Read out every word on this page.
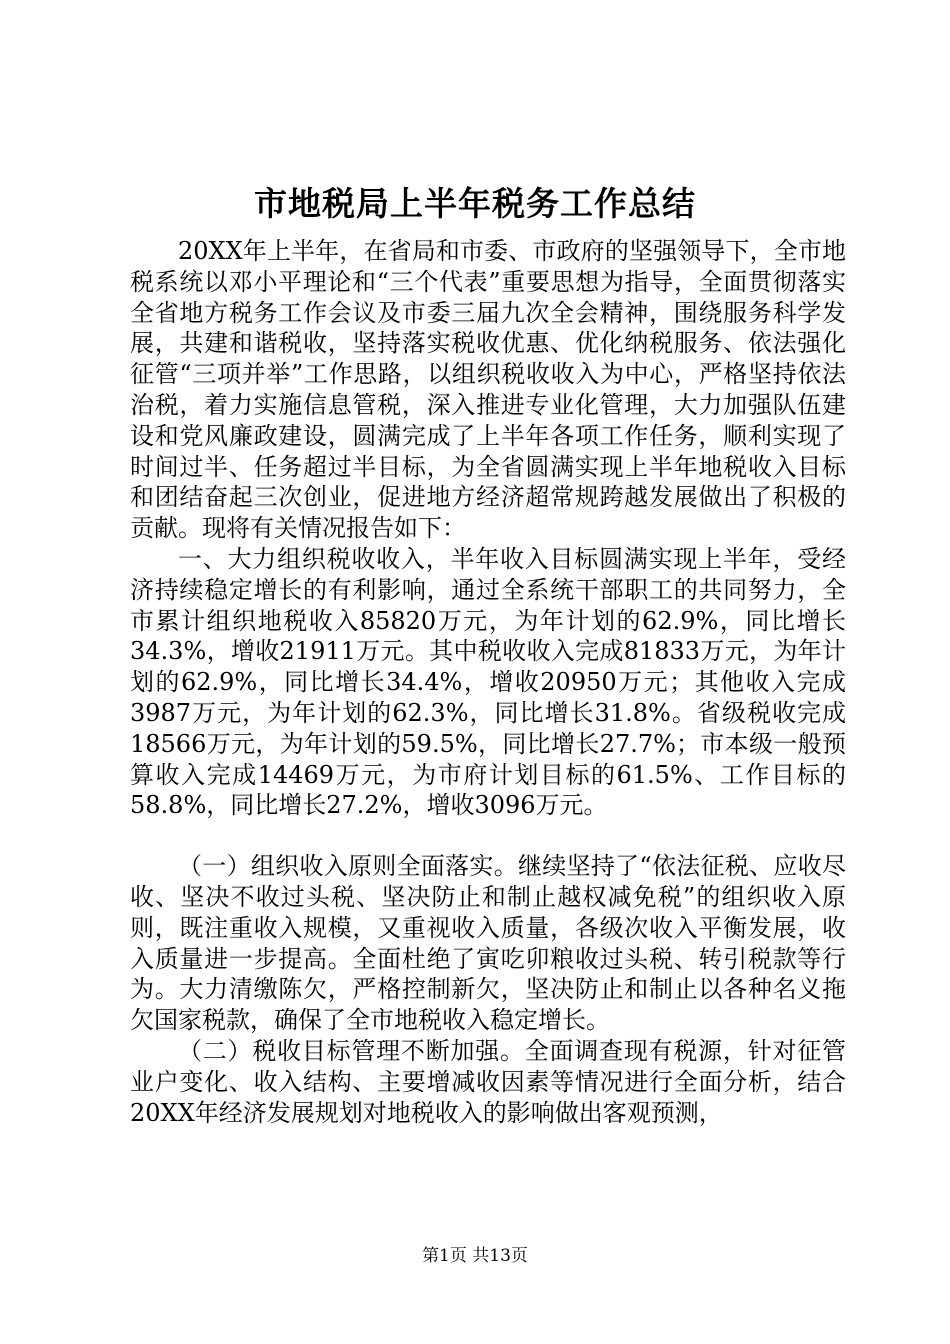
市地税局上半年税务工作总结

20XX年上半年，在省局和市委、市政府的坚强领导下，全市地税系统以邓小平理论和“三个代表”重要思想为指导，全面贯彻落实全省地方税务工作会议及市委三届九次全会精神，围绕服务科学发展，共建和谐税收，坚持落实税收优惠、优化纳税服务、依法强化征管“三项并举”工作思路，以组织税收收入为中心，严格坚持依法治税，着力实施信息管税，深入推进专业化管理，大力加强队伍建设和党风廉政建设，圆满完成了上半年各项工作任务，顺利实现了时间过半、任务超过半目标，为全省圆满实现上半年地税收入目标和团结奋起三次创业，促进地方经济超常规跨越发展做出了积极的贡献。现将有关情况报告如下：

一、大力组织税收收入，半年收入目标圆满实现上半年，受经济持续稳定增长的有利影响，通过全系统干部职工的共同努力，全市累计组织地税收入85820万元，为年计划的62.9%，同比增长34.3%，增收21911万元。其中税收收入完成81833万元，为年计划的62.9%，同比增长34.4%，增收20950万元；其他收入完成3987万元，为年计划的62.3%，同比增长31.8%。省级税收完成18566万元，为年计划的59.5%，同比增长27.7%；市本级一般预算收入完成14469万元，为市府计划目标的61.5%、工作目标的58.8%，同比增长27.2%，增收3096万元。

（一）组织收入原则全面落实。继续坚持了“依法征税、应收尽收、坚决不收过头税、坚决防止和制止越权减免税”的组织收入原则，既注重收入规模，又重视收入质量，各级次收入平衡发展，收入质量进一步提高。全面杜绝了寅吃卯粮收过头税、转引税款等行为。大力清缴陈欠，严格控制新欠，坚决防止和制止以各种名义拖欠国家税款，确保了全市地税收入稳定增长。

（二）税收目标管理不断加强。全面调查现有税源，针对征管业户变化、收入结构、主要增减收因素等情况进行全面分析，结合20XX年经济发展规划对地税收入的影响做出客观预测，

第1页 共13页
